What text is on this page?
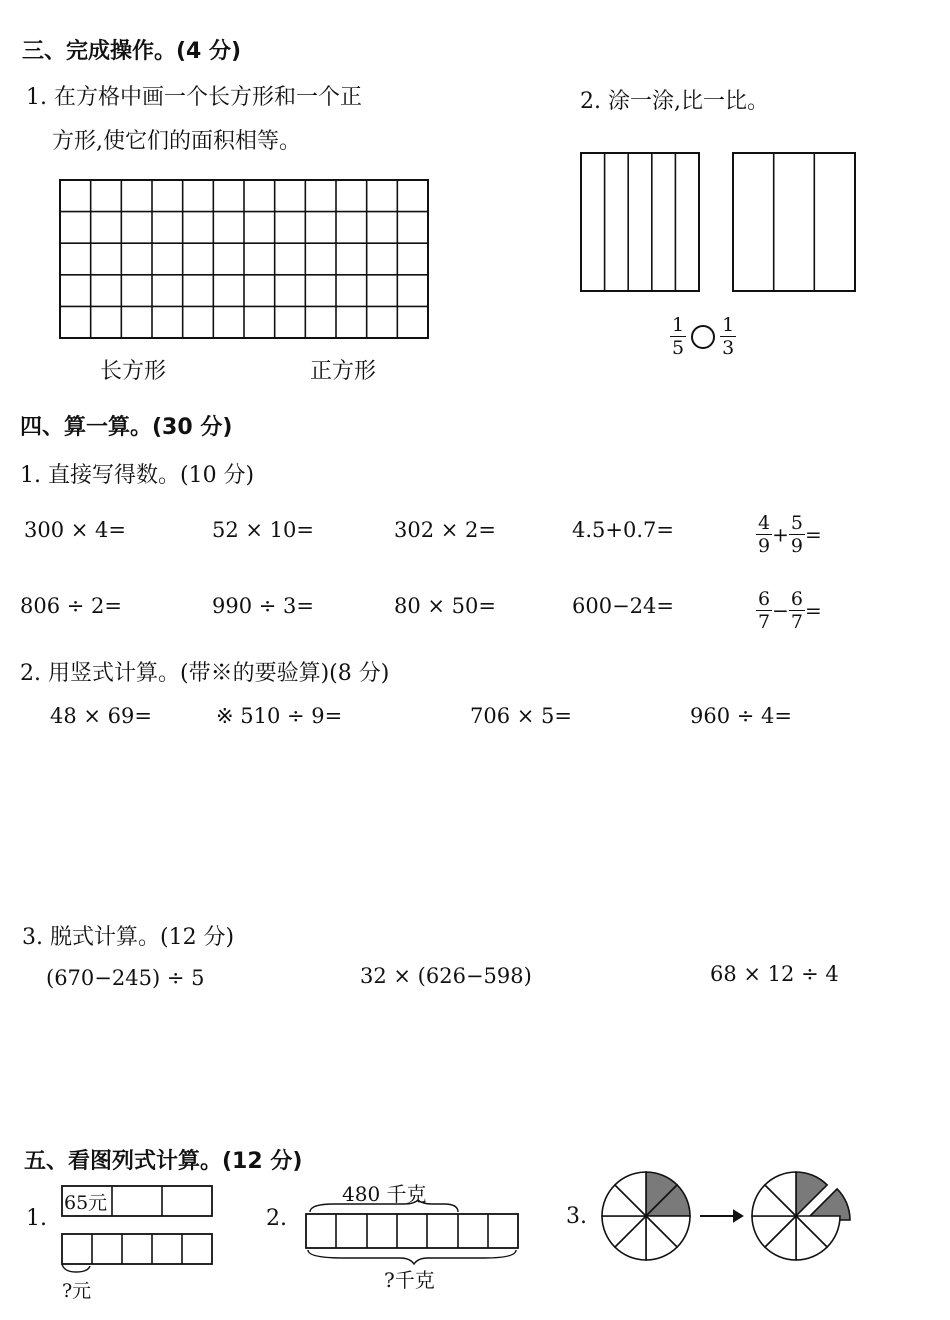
三、完成操作。(4 分)
1. 在方格中画一个长方形和一个正
方形,使它们的面积相等。
长方形	正方形
2. 涂一涂,比一比。
$\frac{1}{5} \frac{1}{3}$
四、算一算。(30 分)
1. 直接写得数。(10 分)
300 × 4=	52 × 10=	302 × 2=	4.5+0.7=	$\frac{4}{9} + \frac{5}{9}$ =
806 ÷ 2=	990 ÷ 3=	80 × 50=	600−24=	$\frac{6}{7} - \frac{6}{7}$ =
2. 用竖式计算。(带※的要验算)(8 分)
48 × 69=	※ 510 ÷ 9=	706 × 5=	960 ÷ 4=
3. 脱式计算。(12 分)
(670−245) ÷ 5	32 × (626−598)	68 × 12 ÷ 4
五、看图列式计算。(12 分)
1.
65元
?元
2.
480 千克
?千克
3.
